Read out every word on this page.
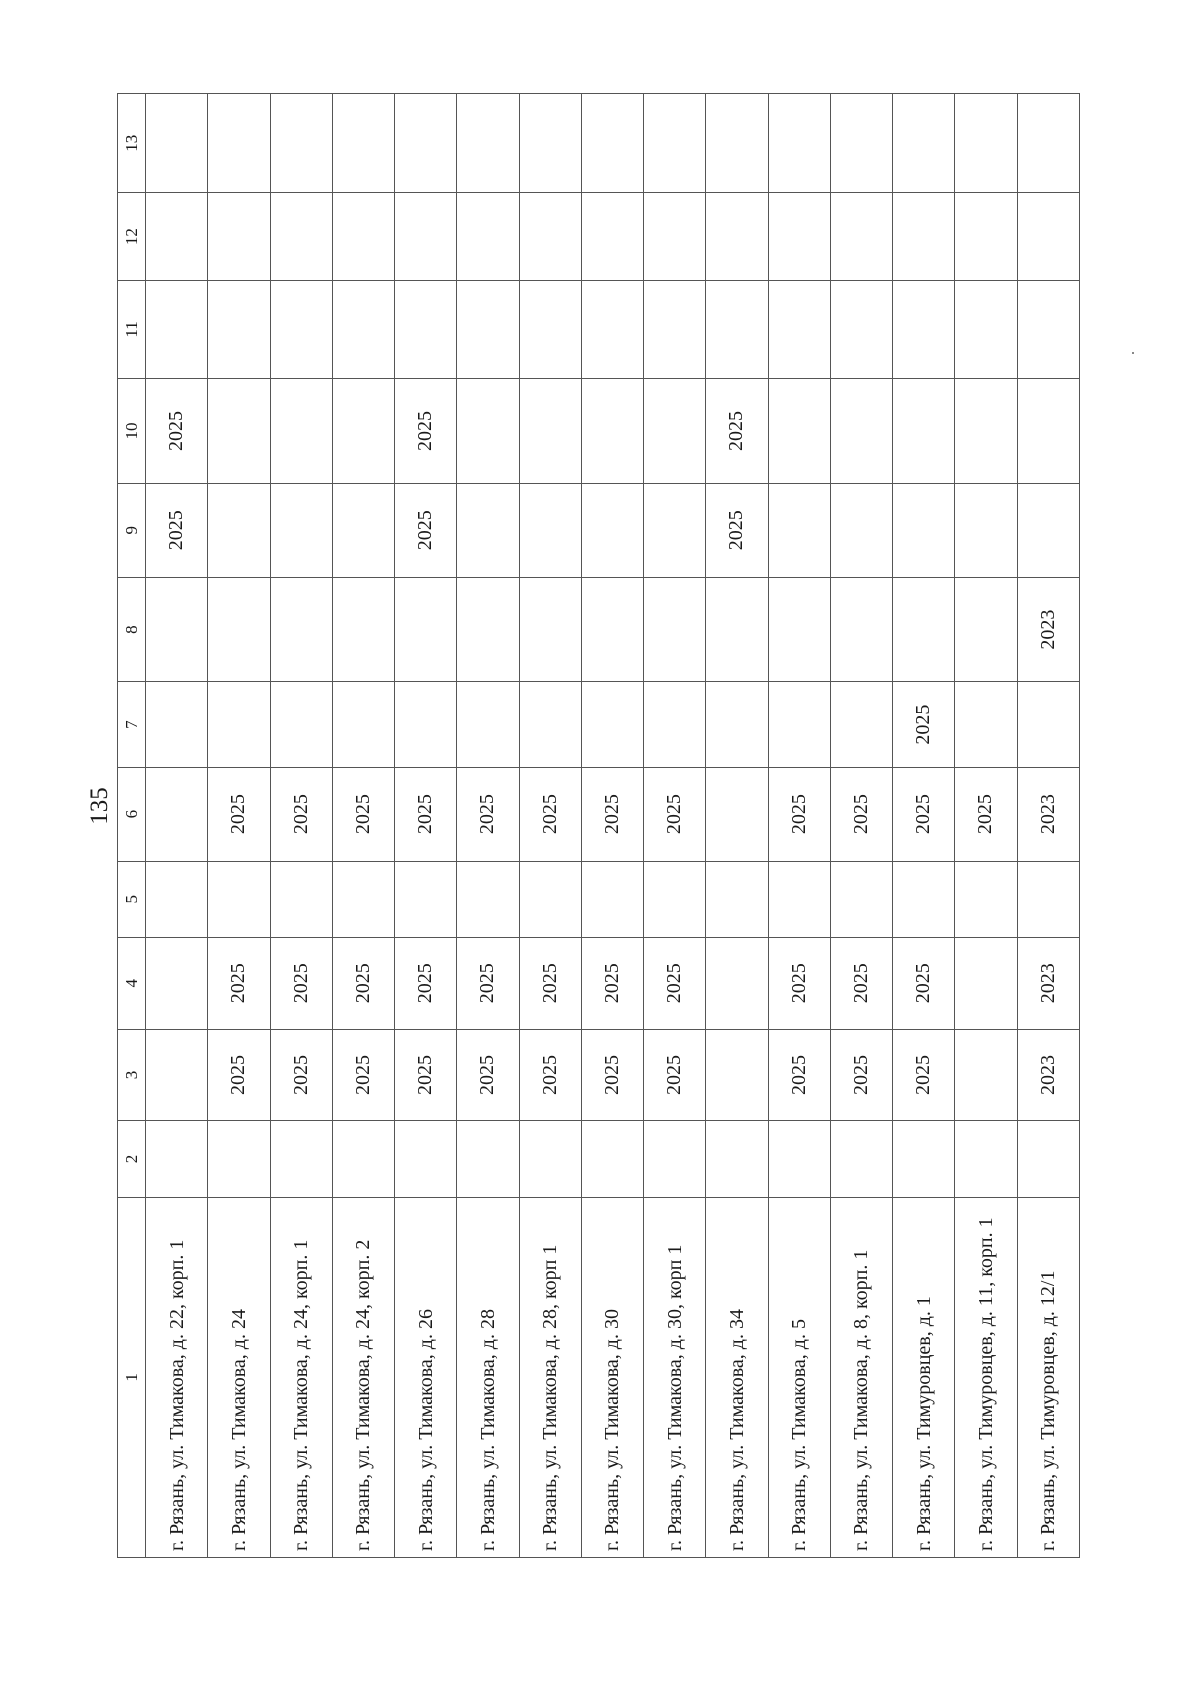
135
1	2	3	4	5	6	7	8	9	10	11	12	13
г. Рязань, ул. Тимакова, д. 22, корп. 1								2025	2025			
г. Рязань, ул. Тимакова, д. 24		2025	2025		2025							
г. Рязань, ул. Тимакова, д. 24, корп. 1		2025	2025		2025							
г. Рязань, ул. Тимакова, д. 24, корп. 2		2025	2025		2025							
г. Рязань, ул. Тимакова, д. 26		2025	2025		2025			2025	2025			
г. Рязань, ул. Тимакова, д. 28		2025	2025		2025							
г. Рязань, ул. Тимакова, д. 28, корп 1		2025	2025		2025							
г. Рязань, ул. Тимакова, д. 30		2025	2025		2025							
г. Рязань, ул. Тимакова, д. 30, корп 1		2025	2025		2025							
г. Рязань, ул. Тимакова, д. 34								2025	2025			
г. Рязань, ул. Тимакова, д. 5		2025	2025		2025							
г. Рязань, ул. Тимакова, д. 8, корп. 1		2025	2025		2025							
г. Рязань, ул. Тимуровцев, д. 1		2025	2025		2025	2025						
г. Рязань, ул. Тимуровцев, д. 11, корп. 1					2025							
г. Рязань, ул. Тимуровцев, д. 12/1		2023	2023		2023		2023					
